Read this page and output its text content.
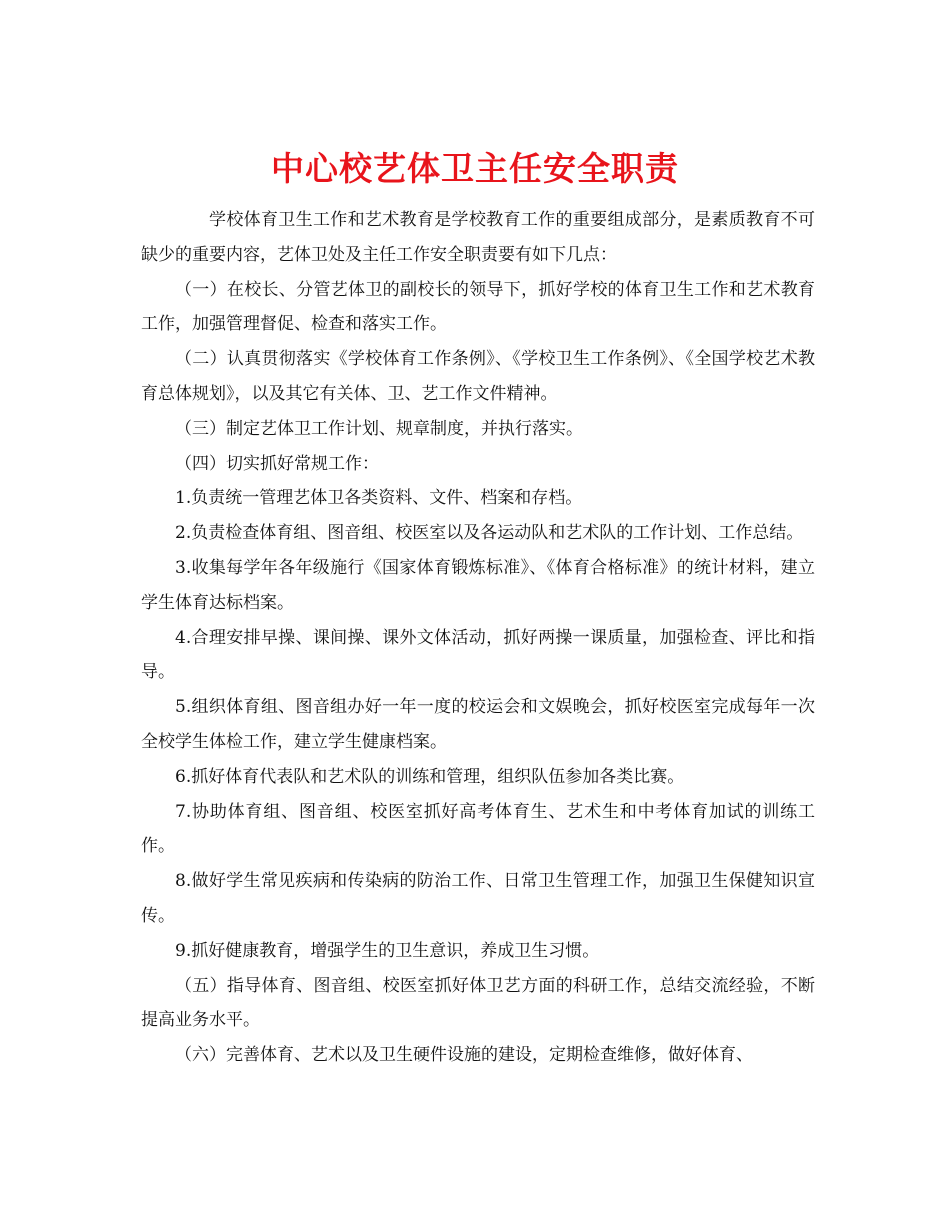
中心校艺体卫主任安全职责

学校体育卫生工作和艺术教育是学校教育工作的重要组成部分，是素质教育不可缺少的重要内容，艺体卫处及主任工作安全职责要有如下几点：

（一）在校长、分管艺体卫的副校长的领导下，抓好学校的体育卫生工作和艺术教育工作，加强管理督促、检查和落实工作。

（二）认真贯彻落实《学校体育工作条例》、《学校卫生工作条例》、《全国学校艺术教育总体规划》，以及其它有关体、卫、艺工作文件精神。

（三）制定艺体卫工作计划、规章制度，并执行落实。

（四）切实抓好常规工作：

1.负责统一管理艺体卫各类资料、文件、档案和存档。

2.负责检查体育组、图音组、校医室以及各运动队和艺术队的工作计划、工作总结。

3.收集每学年各年级施行《国家体育锻炼标准》、《体育合格标准》的统计材料，建立学生体育达标档案。

4.合理安排早操、课间操、课外文体活动，抓好两操一课质量，加强检查、评比和指导。

5.组织体育组、图音组办好一年一度的校运会和文娱晚会，抓好校医室完成每年一次全校学生体检工作，建立学生健康档案。

6.抓好体育代表队和艺术队的训练和管理，组织队伍参加各类比赛。

7.协助体育组、图音组、校医室抓好高考体育生、艺术生和中考体育加试的训练工作。

8.做好学生常见疾病和传染病的防治工作、日常卫生管理工作，加强卫生保健知识宣传。

9.抓好健康教育，增强学生的卫生意识，养成卫生习惯。

（五）指导体育、图音组、校医室抓好体卫艺方面的科研工作，总结交流经验，不断提高业务水平。

（六）完善体育、艺术以及卫生硬件设施的建设，定期检查维修，做好体育、
